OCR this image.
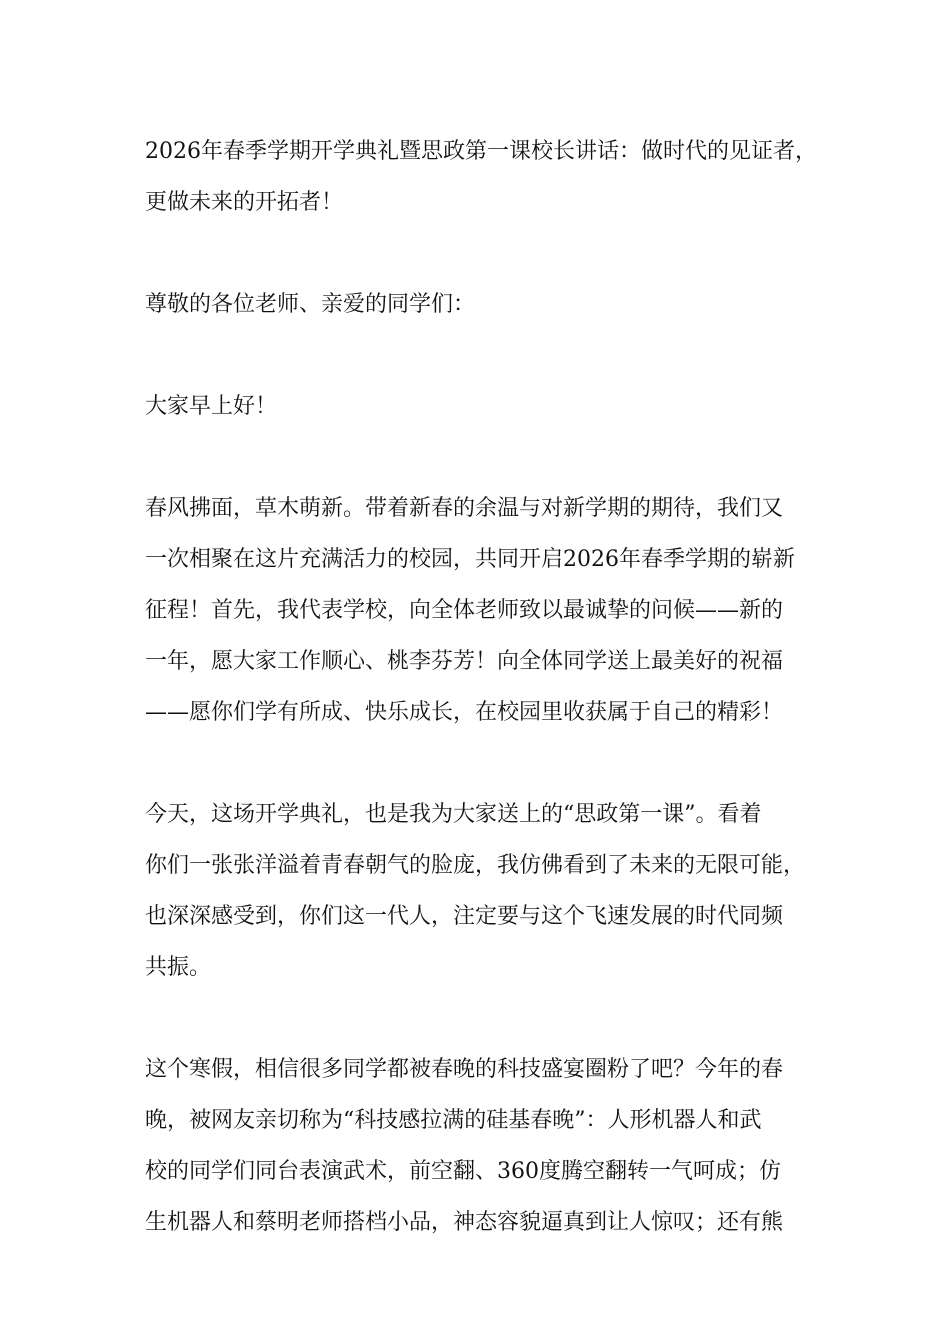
2026年春季学期开学典礼暨思政第一课校长讲话：做时代的见证者，
更做未来的开拓者！
尊敬的各位老师、亲爱的同学们：
大家早上好！
春风拂面，草木萌新。带着新春的余温与对新学期的期待，我们又
一次相聚在这片充满活力的校园，共同开启2026年春季学期的崭新
征程！首先，我代表学校，向全体老师致以最诚挚的问候——新的
一年，愿大家工作顺心、桃李芬芳！向全体同学送上最美好的祝福
——愿你们学有所成、快乐成长，在校园里收获属于自己的精彩！
今天，这场开学典礼，也是我为大家送上的“思政第一课”。看着
你们一张张洋溢着青春朝气的脸庞，我仿佛看到了未来的无限可能，
也深深感受到，你们这一代人，注定要与这个飞速发展的时代同频
共振。
这个寒假，相信很多同学都被春晚的科技盛宴圈粉了吧？今年的春
晚，被网友亲切称为“科技感拉满的硅基春晚”：人形机器人和武
校的同学们同台表演武术，前空翻、360度腾空翻转一气呵成；仿
生机器人和蔡明老师搭档小品，神态容貌逼真到让人惊叹；还有熊
